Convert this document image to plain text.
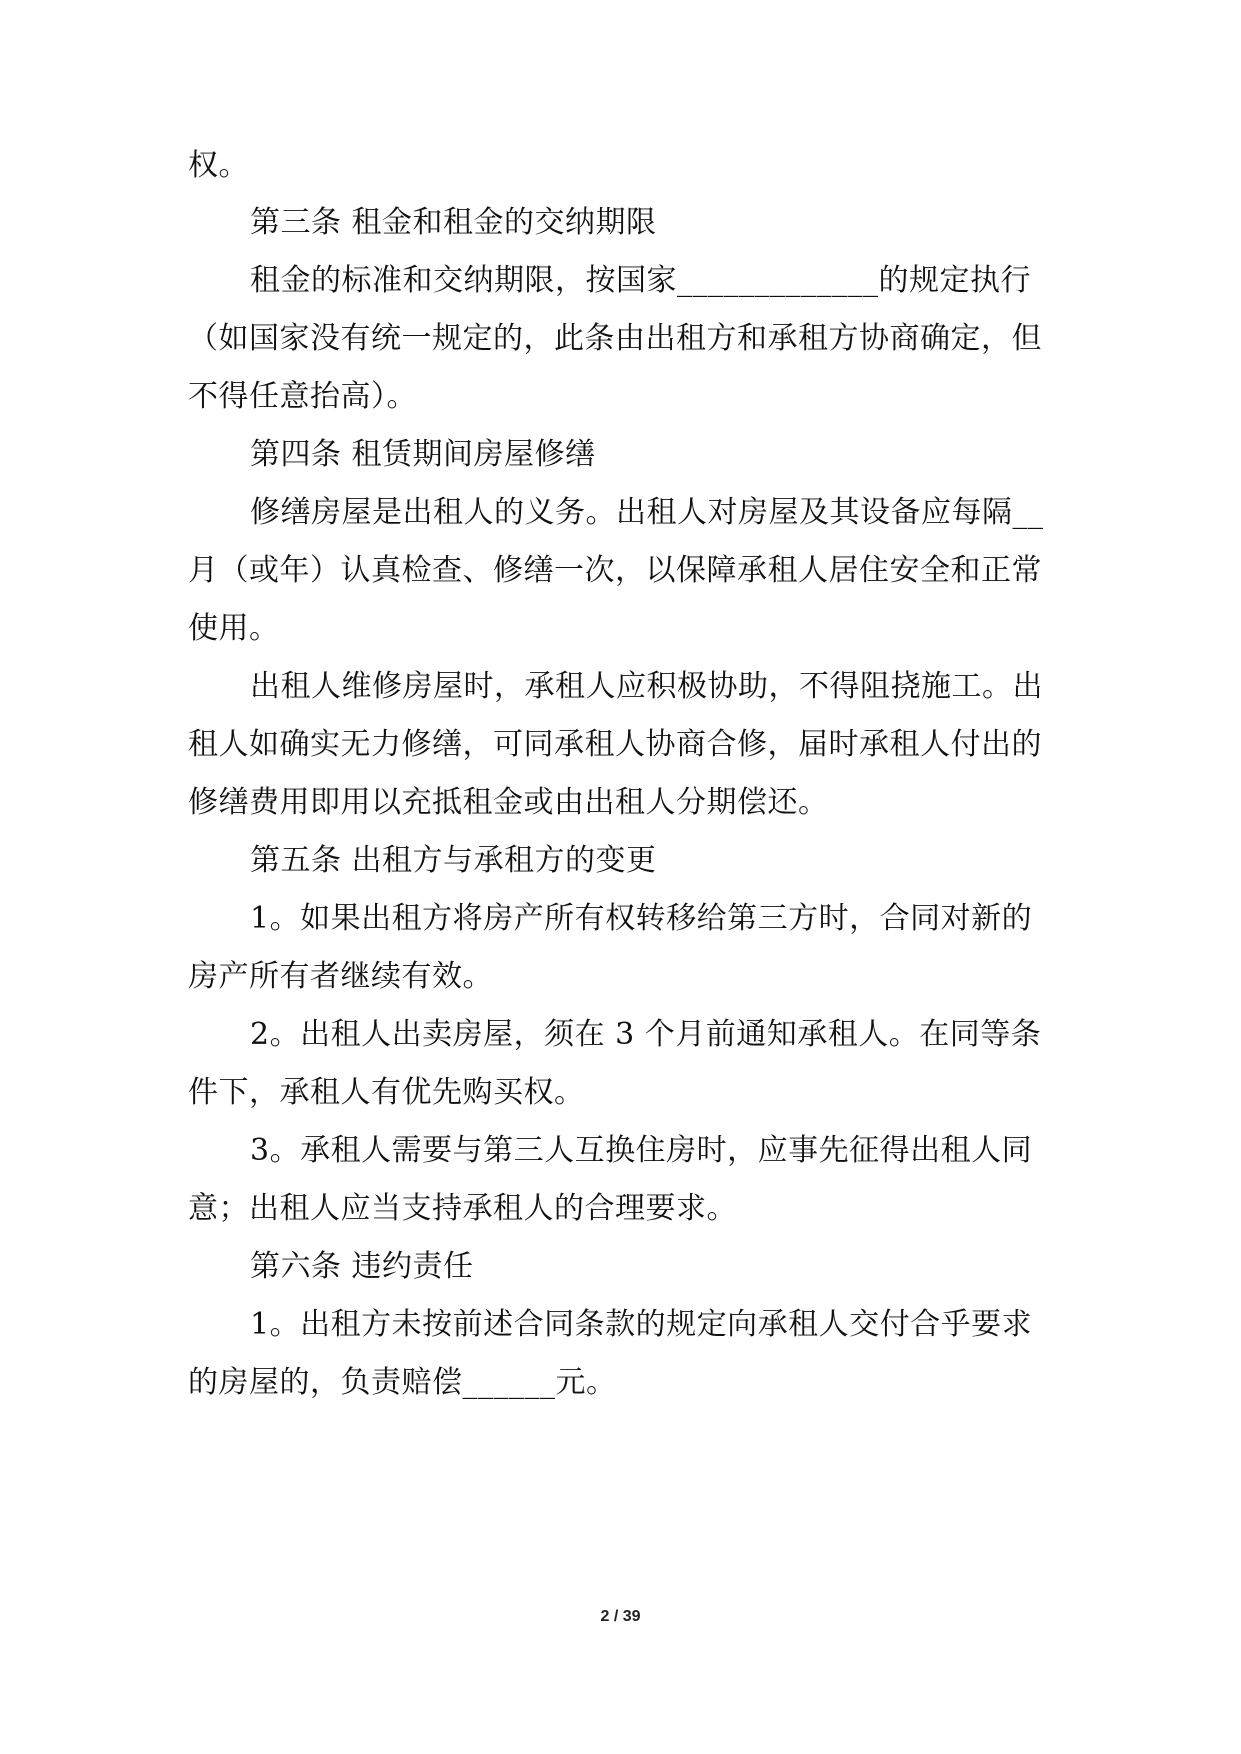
权。
第三条 租金和租金的交纳期限
租金的标准和交纳期限，按国家_____________的规定执行
（如国家没有统一规定的，此条由出租方和承租方协商确定，但
不得任意抬高）。
第四条 租赁期间房屋修缮
修缮房屋是出租人的义务。出租人对房屋及其设备应每隔__
月（或年）认真检查、修缮一次，以保障承租人居住安全和正常
使用。
出租人维修房屋时，承租人应积极协助，不得阻挠施工。出
租人如确实无力修缮，可同承租人协商合修，届时承租人付出的
修缮费用即用以充抵租金或由出租人分期偿还。
第五条 出租方与承租方的变更
1。如果出租方将房产所有权转移给第三方时，合同对新的
房产所有者继续有效。
2。出租人出卖房屋，须在 3 个月前通知承租人。在同等条
件下，承租人有优先购买权。
3。承租人需要与第三人互换住房时，应事先征得出租人同
意；出租人应当支持承租人的合理要求。
第六条 违约责任
1。出租方未按前述合同条款的规定向承租人交付合乎要求
的房屋的，负责赔偿______元。
2 / 39
